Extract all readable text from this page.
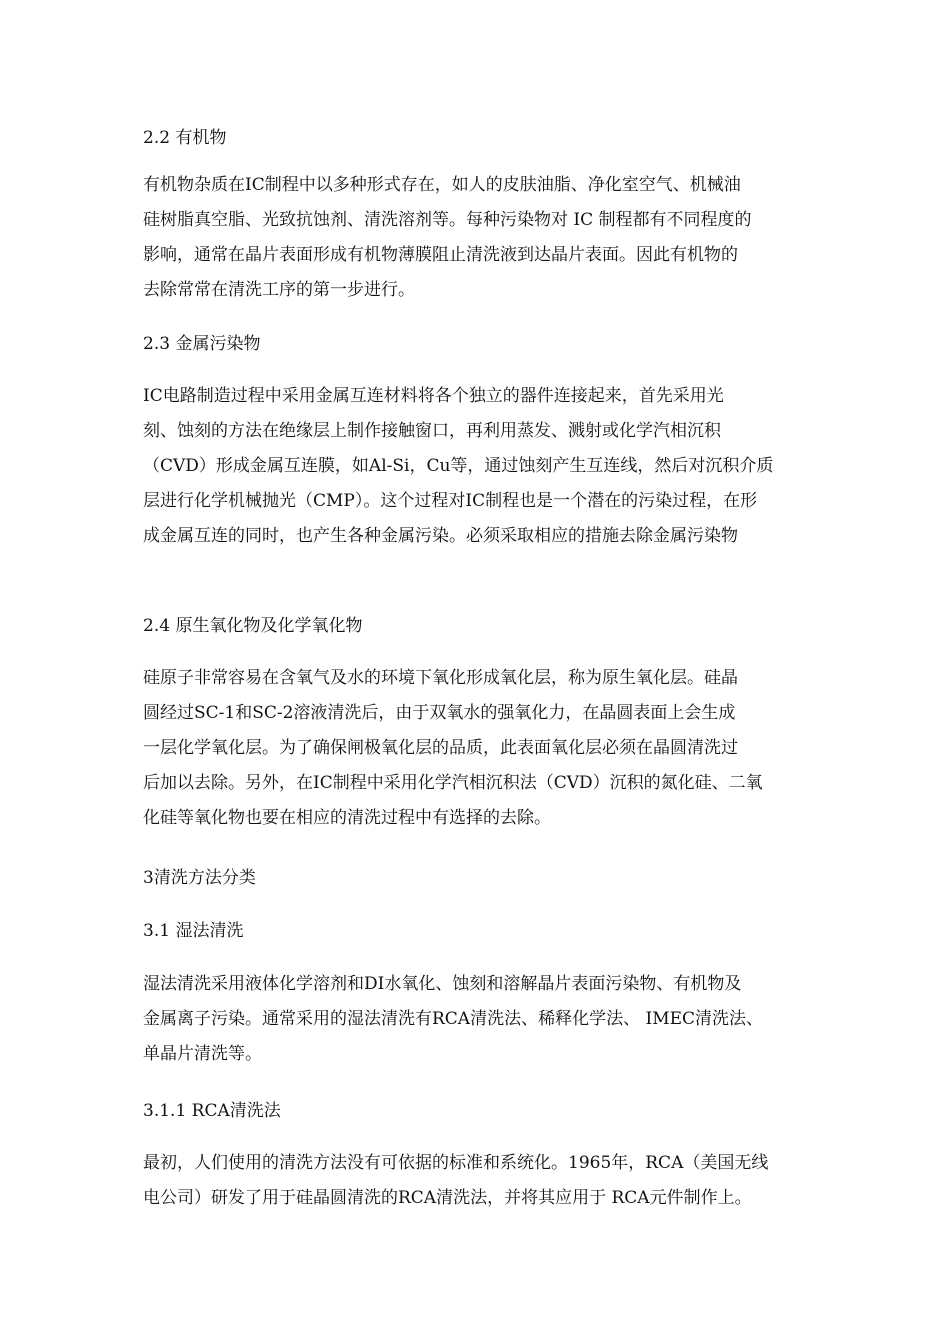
2.2 有机物

有机物杂质在IC制程中以多种形式存在，如人的皮肤油脂、净化室空气、机械油

硅树脂真空脂、光致抗蚀剂、清洗溶剂等。每种污染物对 IC 制程都有不同程度的

影响，通常在晶片表面形成有机物薄膜阻止清洗液到达晶片表面。因此有机物的

去除常常在清洗工序的第一步进行。

2.3 金属污染物

IC电路制造过程中采用金属互连材料将各个独立的器件连接起来，首先采用光

刻、蚀刻的方法在绝缘层上制作接触窗口，再利用蒸发、溅射或化学汽相沉积

（CVD）形成金属互连膜，如Al-Si，Cu等，通过蚀刻产生互连线，然后对沉积介质

层进行化学机械抛光（CMP）。这个过程对IC制程也是一个潜在的污染过程，在形

成金属互连的同时，也产生各种金属污染。必须采取相应的措施去除金属污染物

2.4 原生氧化物及化学氧化物

硅原子非常容易在含氧气及水的环境下氧化形成氧化层，称为原生氧化层。硅晶

圆经过SC-1和SC-2溶液清洗后，由于双氧水的强氧化力，在晶圆表面上会生成

一层化学氧化层。为了确保闸极氧化层的品质，此表面氧化层必须在晶圆清洗过

后加以去除。另外，在IC制程中采用化学汽相沉积法（CVD）沉积的氮化硅、二氧

化硅等氧化物也要在相应的清洗过程中有选择的去除。

3清洗方法分类

3.1 湿法清洗

湿法清洗采用液体化学溶剂和DI水氧化、蚀刻和溶解晶片表面污染物、有机物及

金属离子污染。通常采用的湿法清洗有RCA清洗法、稀释化学法、 IMEC清洗法、

单晶片清洗等。

3.1.1 RCA清洗法

最初，人们使用的清洗方法没有可依据的标准和系统化。1965年，RCA（美国无线

电公司）研发了用于硅晶圆清洗的RCA清洗法，并将其应用于 RCA元件制作上。
